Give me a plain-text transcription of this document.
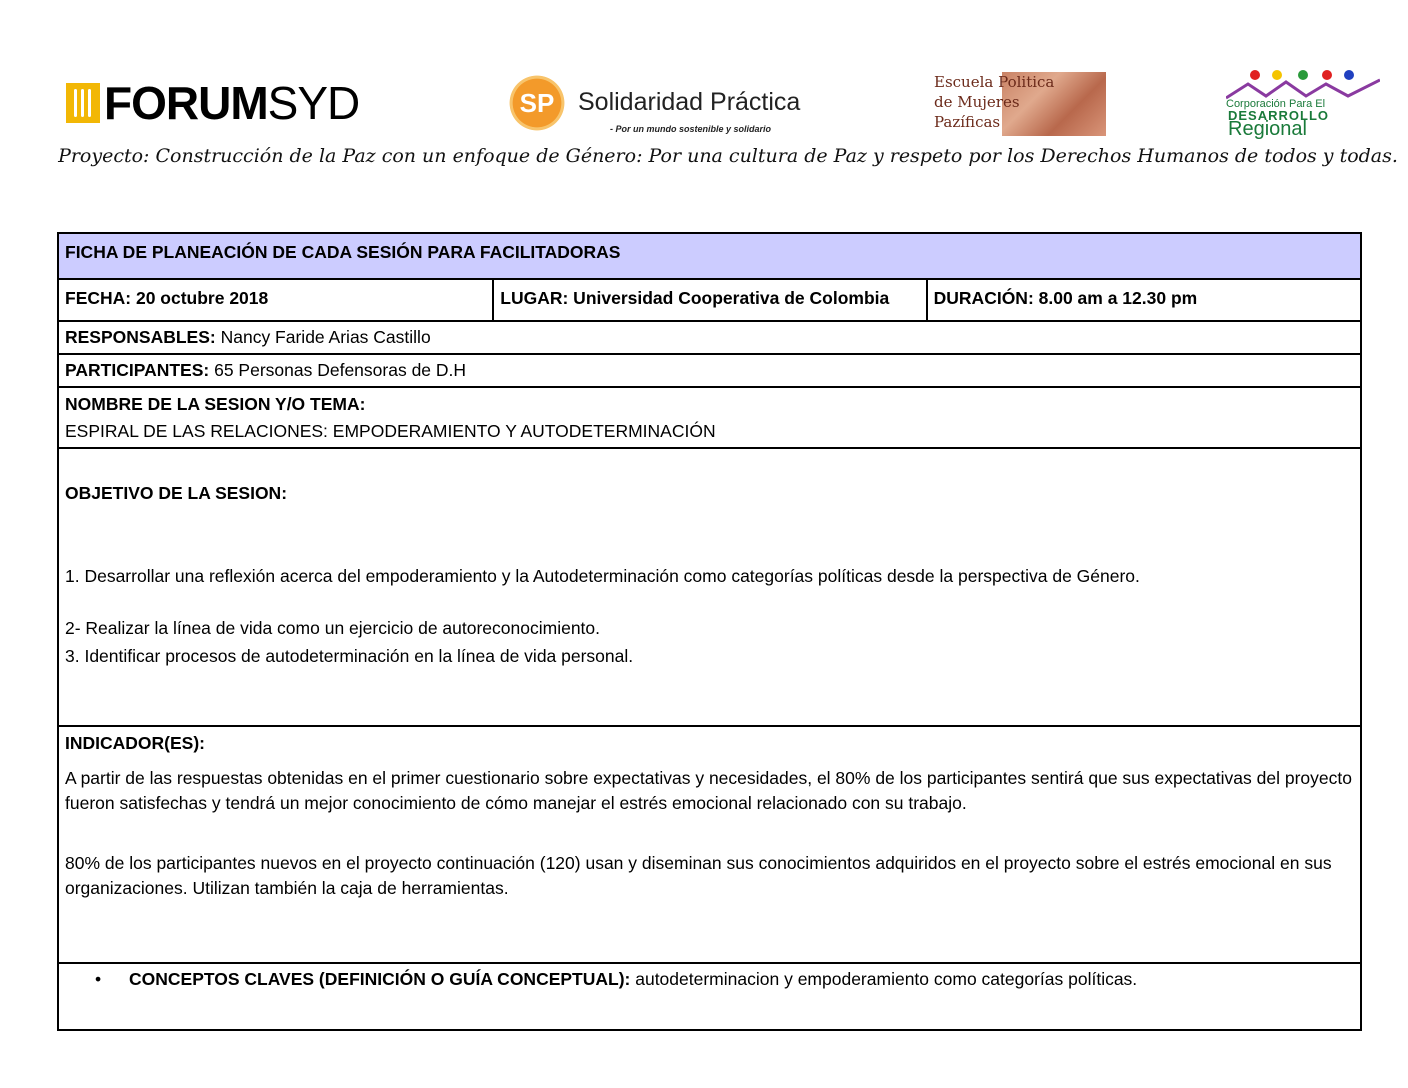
FORUMSYD	SP Solidaridad Práctica
- Por un mundo sostenible y solidario
Escuela Politica
de Mujeres
Pazíficas
Corporación Para El
DESARROLLO
Regional
Proyecto: Construcción de la Paz con un enfoque de Género: Por una cultura de Paz y respeto por los Derechos Humanos de todos y todas.
FICHA DE PLANEACIÓN DE CADA SESIÓN PARA FACILITADORAS
FECHA: 20 octubre 2018	LUGAR: Universidad Cooperativa de Colombia	DURACIÓN: 8.00 am a 12.30 pm
RESPONSABLES: Nancy Faride Arias Castillo
PARTICIPANTES: 65 Personas Defensoras de D.H

NOMBRE DE LA SESION Y/O TEMA:
ESPIRAL DE LAS RELACIONES: EMPODERAMIENTO Y AUTODETERMINACIÓN

OBJETIVO DE LA SESION:

1. Desarrollar una reflexión acerca del empoderamiento y la Autodeterminación como categorías políticas desde la perspectiva de Género.

2- Realizar la línea de vida como un ejercicio de autoreconocimiento.

3. Identificar procesos de autodeterminación en la línea de vida personal.

INDICADOR(ES):

A partir de las respuestas obtenidas en el primer cuestionario sobre expectativas y necesidades, el 80% de los participantes sentirá que sus expectativas del proyecto fueron satisfechas y tendrá un mejor conocimiento de cómo manejar el estrés emocional relacionado con su trabajo.

80% de los participantes nuevos en el proyecto continuación (120) usan y diseminan sus conocimientos adquiridos en el proyecto sobre el estrés emocional en sus organizaciones. Utilizan también la caja de herramientas.

•	CONCEPTOS CLAVES (DEFINICIÓN O GUÍA CONCEPTUAL): autodeterminacion y empoderamiento como categorías políticas.
